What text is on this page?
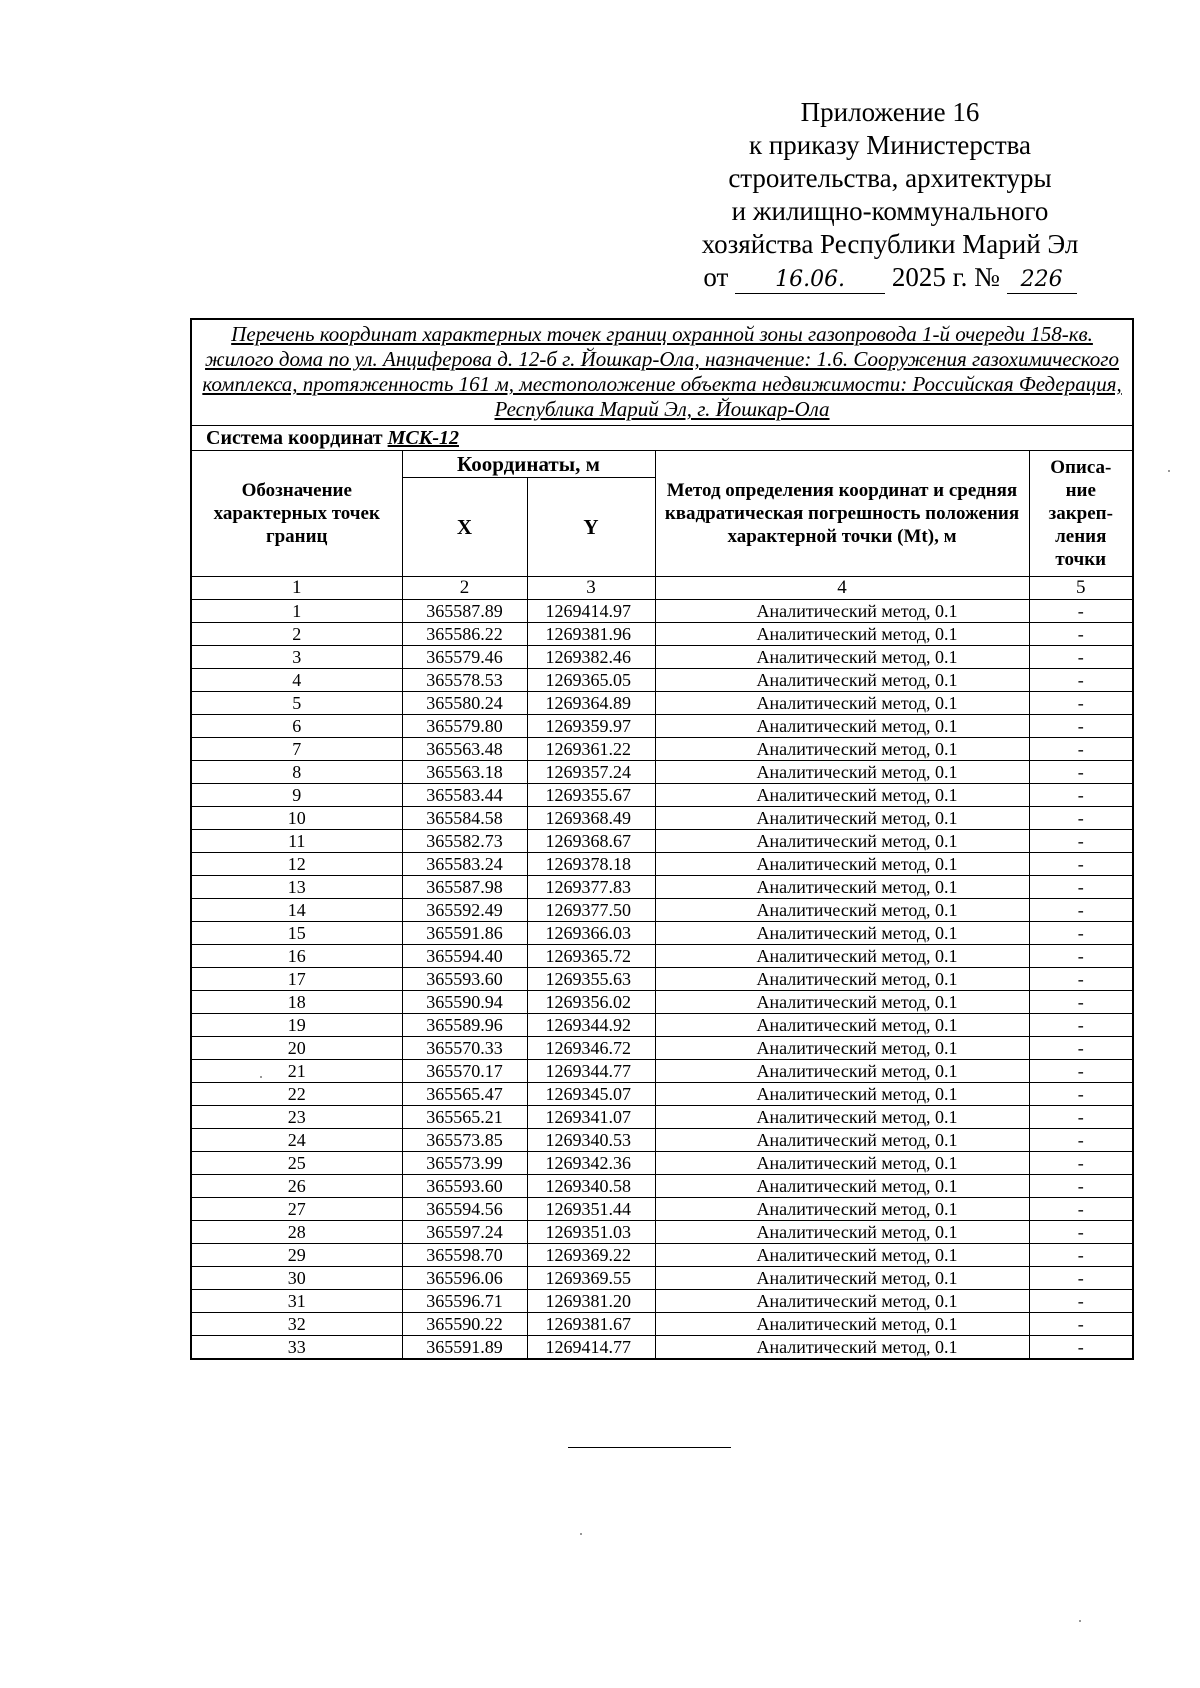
Приложение 16
к приказу Министерства
строительства, архитектуры
и жилищно-коммунального
хозяйства Республики Марий Эл
от 16.06. 2025 г. № 226
Перечень координат характерных точек границ охранной зоны газопровода 1-й очереди 158-кв. жилого дома по ул. Анциферова д. 12-б г. Йошкар-Ола, назначение: 1.6. Сооружения газохимического комплекса, протяженность 161 м, местоположение объекта недвижимости: Российская Федерация, Республика Марий Эл, г. Йошкар-Ола				
Система координат МСК-12				
Обозначение характерных точек границ	Координаты, м		Метод определения координат и средняя квадратическая погрешность положения характерной точки (Mt), м	Описа-ние закреп-ления точки
	X	Y		
1	2	3	4	5
1	365587.89	1269414.97	Аналитический метод, 0.1	-
2	365586.22	1269381.96	Аналитический метод, 0.1	-
3	365579.46	1269382.46	Аналитический метод, 0.1	-
4	365578.53	1269365.05	Аналитический метод, 0.1	-
5	365580.24	1269364.89	Аналитический метод, 0.1	-
6	365579.80	1269359.97	Аналитический метод, 0.1	-
7	365563.48	1269361.22	Аналитический метод, 0.1	-
8	365563.18	1269357.24	Аналитический метод, 0.1	-
9	365583.44	1269355.67	Аналитический метод, 0.1	-
10	365584.58	1269368.49	Аналитический метод, 0.1	-
11	365582.73	1269368.67	Аналитический метод, 0.1	-
12	365583.24	1269378.18	Аналитический метод, 0.1	-
13	365587.98	1269377.83	Аналитический метод, 0.1	-
14	365592.49	1269377.50	Аналитический метод, 0.1	-
15	365591.86	1269366.03	Аналитический метод, 0.1	-
16	365594.40	1269365.72	Аналитический метод, 0.1	-
17	365593.60	1269355.63	Аналитический метод, 0.1	-
18	365590.94	1269356.02	Аналитический метод, 0.1	-
19	365589.96	1269344.92	Аналитический метод, 0.1	-
20	365570.33	1269346.72	Аналитический метод, 0.1	-
21	365570.17	1269344.77	Аналитический метод, 0.1	-
22	365565.47	1269345.07	Аналитический метод, 0.1	-
23	365565.21	1269341.07	Аналитический метод, 0.1	-
24	365573.85	1269340.53	Аналитический метод, 0.1	-
25	365573.99	1269342.36	Аналитический метод, 0.1	-
26	365593.60	1269340.58	Аналитический метод, 0.1	-
27	365594.56	1269351.44	Аналитический метод, 0.1	-
28	365597.24	1269351.03	Аналитический метод, 0.1	-
29	365598.70	1269369.22	Аналитический метод, 0.1	-
30	365596.06	1269369.55	Аналитический метод, 0.1	-
31	365596.71	1269381.20	Аналитический метод, 0.1	-
32	365590.22	1269381.67	Аналитический метод, 0.1	-
33	365591.89	1269414.77	Аналитический метод, 0.1	-
